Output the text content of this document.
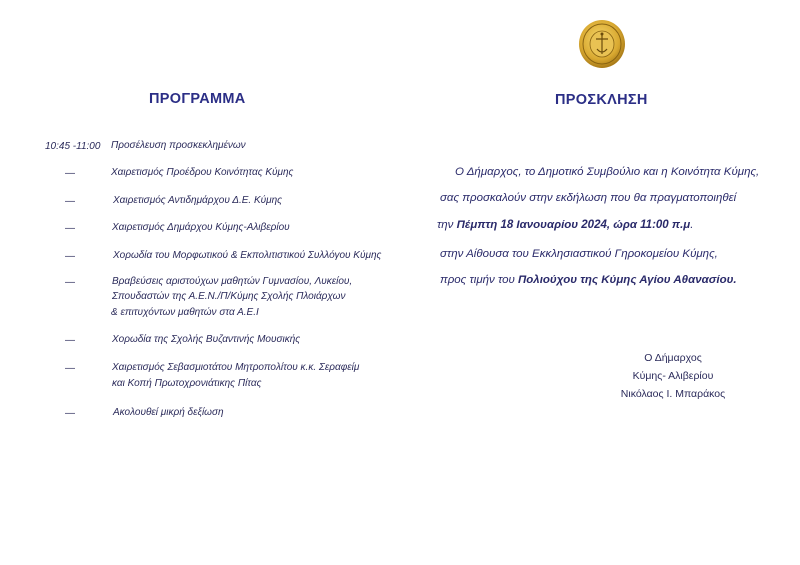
ΠΡΟΓΡΑΜΜΑ	ΠΡΟΣΚΛΗΣΗ
10:45 -11:00 Προσέλευση προσκεκλημένων
—	Χαιρετισμός Προέδρου Κοινότητας Κύμης
—	Χαιρετισμός Αντιδημάρχου Δ.Ε. Κύμης
—	Χαιρετισμός Δημάρχου Κύμης-Αλιβερίου
—	Χορωδία του Μορφωτικού & Εκπολιτιστικού Συλλόγου Κύμης
—	Βραβεύσεις αριστούχων μαθητών Γυμνασίου, Λυκείου,
Σπουδαστών της Α.Ε.Ν./Π/Κύμης Σχολής Πλοιάρχων
& επιτυχόντων μαθητών στα Α.Ε.Ι
—	Χορωδία της Σχολής Βυζαντινής Μουσικής
—	Χαιρετισμός Σεβασμιοτάτου Μητροπολίτου κ.κ. Σεραφείμ
και Κοπή Πρωτοχρονιάτικης Πίτας
—	Ακολουθεί μικρή δεξίωση
Ο Δήμαρχος, το Δημοτικό Συμβούλιο και η Κοινότητα Κύμης,
σας προσκαλούν στην εκδήλωση που θα πραγματοποιηθεί
την Πέμπτη 18 Ιανουαρίου 2024, ώρα 11:00 π.μ.
στην Αίθουσα του Εκκλησιαστικού Γηροκομείου Κύμης,
προς τιμήν του Πολιούχου της Κύμης Αγίου Αθανασίου.
Ο Δήμαρχος
Κύμης- Αλιβερίου
Νικόλαος Ι. Μπαράκος
